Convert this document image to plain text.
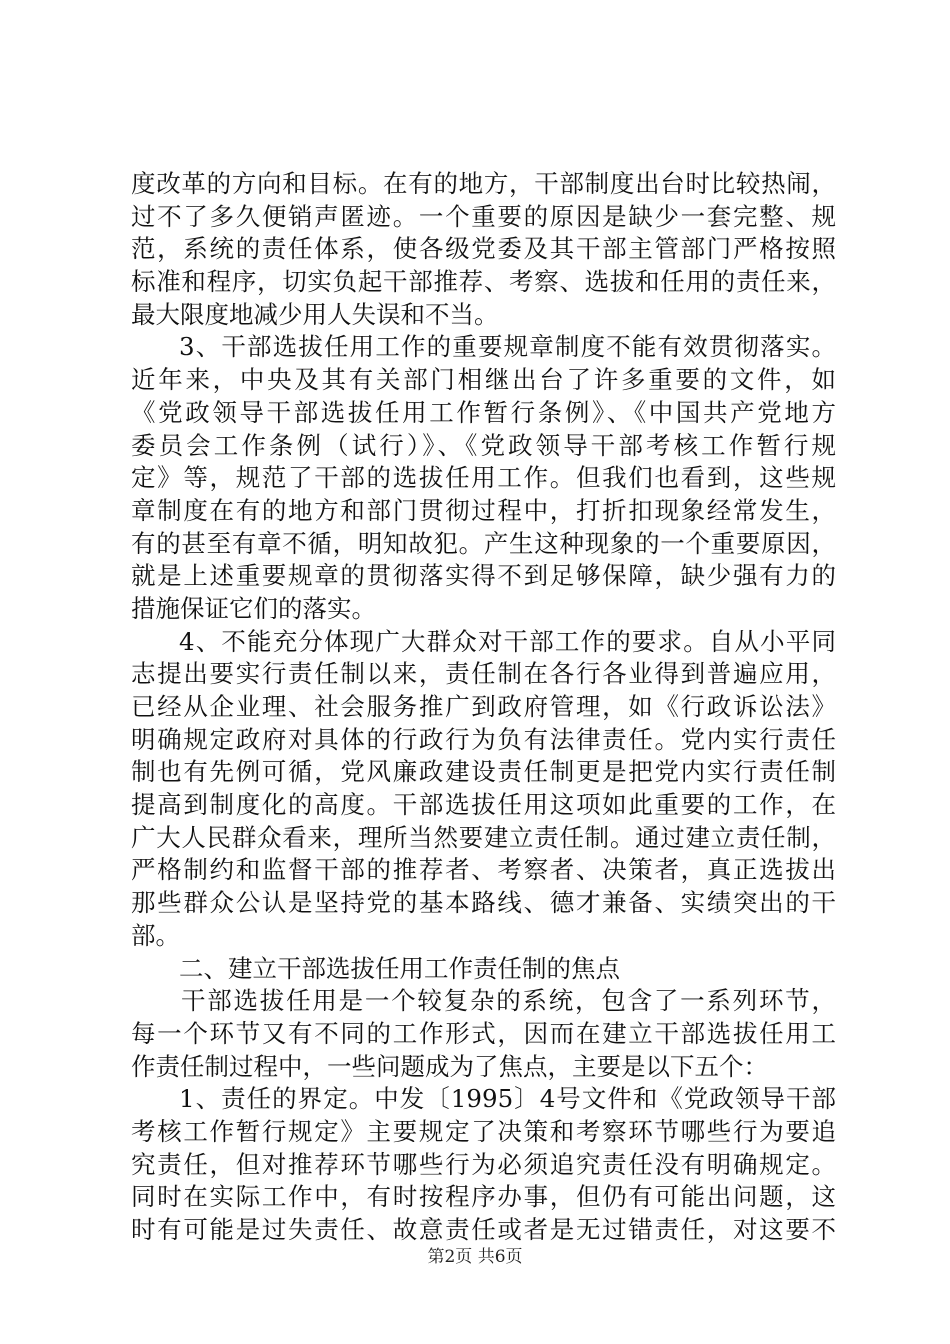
度改革的方向和目标。在有的地方，干部制度出台时比较热闹，
过不了多久便销声匿迹。一个重要的原因是缺少一套完整、规
范，系统的责任体系，使各级党委及其干部主管部门严格按照
标准和程序，切实负起干部推荐、考察、选拔和任用的责任来，
最大限度地减少用人失误和不当。
3、干部选拔任用工作的重要规章制度不能有效贯彻落实。
近年来，中央及其有关部门相继出台了许多重要的文件，如
《党政领导干部选拔任用工作暂行条例》、《中国共产党地方
委员会工作条例（试行）》、《党政领导干部考核工作暂行规
定》等，规范了干部的选拔任用工作。但我们也看到，这些规
章制度在有的地方和部门贯彻过程中，打折扣现象经常发生，
有的甚至有章不循，明知故犯。产生这种现象的一个重要原因，
就是上述重要规章的贯彻落实得不到足够保障，缺少强有力的
措施保证它们的落实。
4、不能充分体现广大群众对干部工作的要求。自从小平同
志提出要实行责任制以来，责任制在各行各业得到普遍应用，
已经从企业理、社会服务推广到政府管理，如《行政诉讼法》
明确规定政府对具体的行政行为负有法律责任。党内实行责任
制也有先例可循，党风廉政建设责任制更是把党内实行责任制
提高到制度化的高度。干部选拔任用这项如此重要的工作，在
广大人民群众看来，理所当然要建立责任制。通过建立责任制，
严格制约和监督干部的推荐者、考察者、决策者，真正选拔出
那些群众公认是坚持党的基本路线、德才兼备、实绩突出的干
部。
二、建立干部选拔任用工作责任制的焦点
干部选拔任用是一个较复杂的系统，包含了一系列环节，
每一个环节又有不同的工作形式，因而在建立干部选拔任用工
作责任制过程中，一些问题成为了焦点，主要是以下五个：
1、责任的界定。中发〔1995〕4号文件和《党政领导干部
考核工作暂行规定》主要规定了决策和考察环节哪些行为要追
究责任，但对推荐环节哪些行为必须追究责任没有明确规定。
同时在实际工作中，有时按程序办事，但仍有可能出问题，这
时有可能是过失责任、故意责任或者是无过错责任，对这要不
第2页 共6页
